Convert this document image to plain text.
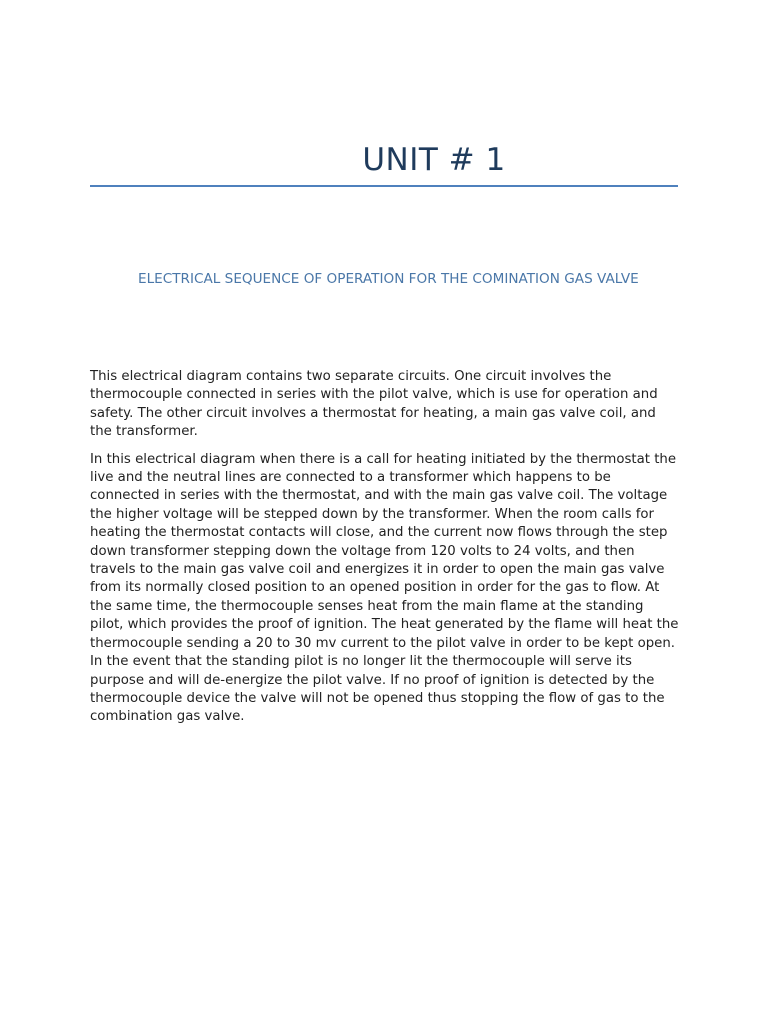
UNIT # 1
ELECTRICAL SEQUENCE OF OPERATION FOR THE COMINATION GAS VALVE

This electrical diagram contains two separate circuits. One circuit involves the thermocouple connected in series with the pilot valve, which is use for operation and safety. The other circuit involves a thermostat for heating, a main gas valve coil, and the transformer.

In this electrical diagram when there is a call for heating initiated by the thermostat the live and the neutral lines are connected to a transformer which happens to be connected in series with the thermostat, and with the main gas valve coil. The voltage the higher voltage will be stepped down by the transformer. When the room calls for heating the thermostat contacts will close, and the current now flows through the step down transformer stepping down the voltage from 120 volts to 24 volts, and then travels to the main gas valve coil and energizes it in order to open the main gas valve from its normally closed position to an opened position in order for the gas to flow. At the same time, the thermocouple senses heat from the main flame at the standing pilot, which provides the proof of ignition. The heat generated by the flame will heat the thermocouple sending a 20 to 30 mv current to the pilot valve in order to be kept open. In the event that the standing pilot is no longer lit the thermocouple will serve its purpose and will de-energize the pilot valve. If no proof of ignition is detected by the thermocouple device the valve will not be opened thus stopping the flow of gas to the combination gas valve.
